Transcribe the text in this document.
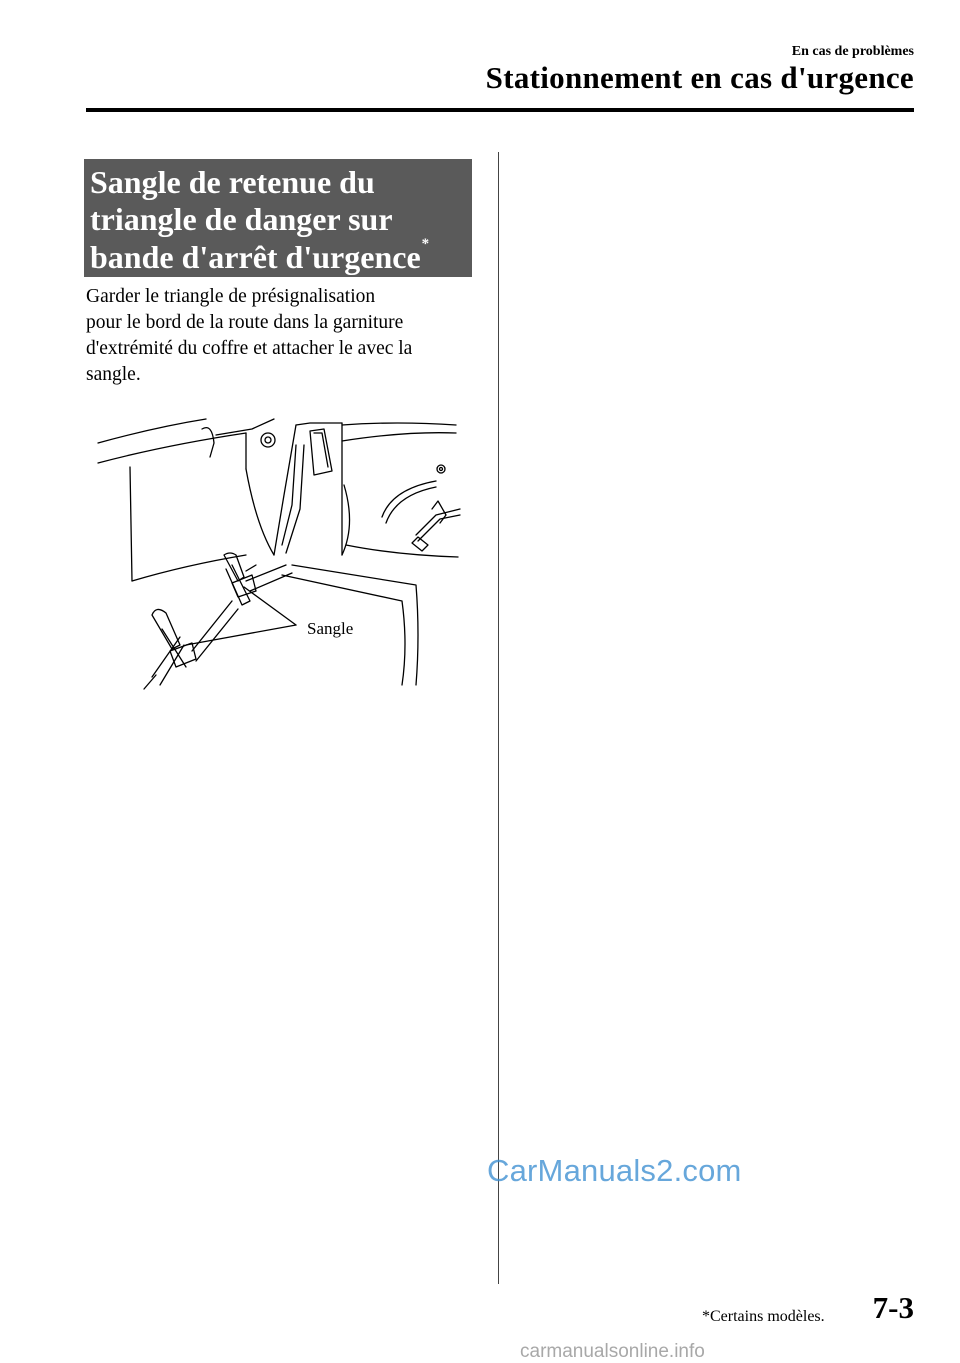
En cas de problèmes
Stationnement en cas d'urgence
Sangle de retenue du
triangle de danger sur
bande d'arrêt d'urgence*
Garder le triangle de présignalisation
pour le bord de la route dans la garniture
d'extrémité du coffre et attacher le avec la
sangle.
Sangle
CarManuals2.com
*Certains modèles. 7-3
carmanualsonline.info
